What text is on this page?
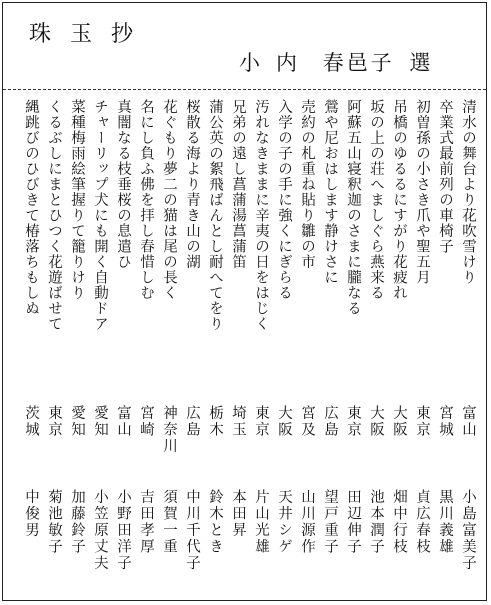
珠玉抄
小内 春邑子 選
清水の舞台より花吹雪けり
富山
小島富美子
卒業式最前列の車椅子
宮城
黒川義雄
初曽孫の小さき爪や聖五月
東京
貞広春枝
吊橋のゆるるにすがり花疲れ
大阪
畑中行枝
坂の上の荘へましぐら燕来る
大阪
池本潤子
阿蘇五山寝釈迦のさまに朧なる
東京
田辺伸子
鶯や尼おはします静けさに
広島
望戸重子
売約の札重ね貼り雛の市
宮及
山川源作
入学の子の手に強くにぎらる
大阪
天井シゲ
汚れなきままに辛夷の日をはじく
東京
片山光雄
兄弟の遠し菖蒲湯菖蒲笛
埼玉
本田昇
蒲公英の絮飛ばんとし耐へてをり
栃木
鈴木とき
桜散る海より青き山の湖
広島
中川千代子
花ぐもり夢二の猫は尾の長く
神奈川
須賀一重
名にし負ふ佛を拝し春惜しむ
宮崎
吉田孝厚
真闇なる枝垂桜の息遣ひ
富山
小野田洋子
チャーリップ犬にも開く自動ドア
愛知
小笠原丈夫
菜種梅雨絵筆握りて籠りけり
愛知
加藤鈴子
くるぶしにまとひつく花遊ばせて
東京
菊池敏子
縄跳びのひびきて椿落ちもしぬ
茨城
中俊男
